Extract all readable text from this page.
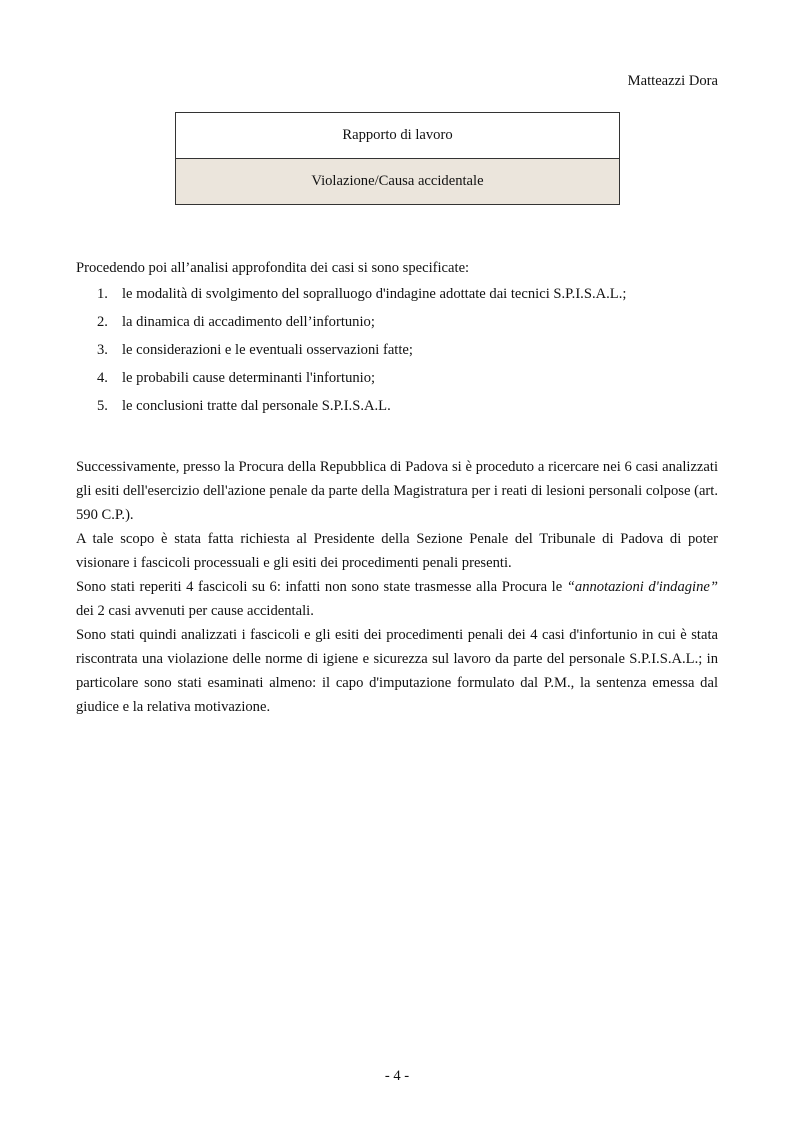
Matteazzi Dora
Rapporto di lavoro
Violazione/Causa accidentale
Procedendo poi all’analisi approfondita dei casi si sono specificate:
1. le modalità di svolgimento del sopralluogo d'indagine adottate dai tecnici S.P.I.S.A.L.;
2. la dinamica di accadimento dell’infortunio;
3. le considerazioni e le eventuali osservazioni fatte;
4. le probabili cause determinanti l'infortunio;
5. le conclusioni tratte dal personale S.P.I.S.A.L.

Successivamente, presso la Procura della Repubblica di Padova si è proceduto a ricercare nei 6 casi analizzati gli esiti dell'esercizio dell'azione penale da parte della Magistratura per i reati di lesioni personali colpose (art. 590 C.P.).

A tale scopo è stata fatta richiesta al Presidente della Sezione Penale del Tribunale di Padova di poter visionare i fascicoli processuali e gli esiti dei procedimenti penali presenti.

Sono stati reperiti 4 fascicoli su 6: infatti non sono state trasmesse alla Procura le “annotazioni d'indagine” dei 2 casi avvenuti per cause accidentali.

Sono stati quindi analizzati i fascicoli e gli esiti dei procedimenti penali dei 4 casi d'infortunio in cui è stata riscontrata una violazione delle norme di igiene e sicurezza sul lavoro da parte del personale S.P.I.S.A.L.; in particolare sono stati esaminati almeno: il capo d'imputazione formulato dal P.M., la sentenza emessa dal giudice e la relativa motivazione.

- 4 -
